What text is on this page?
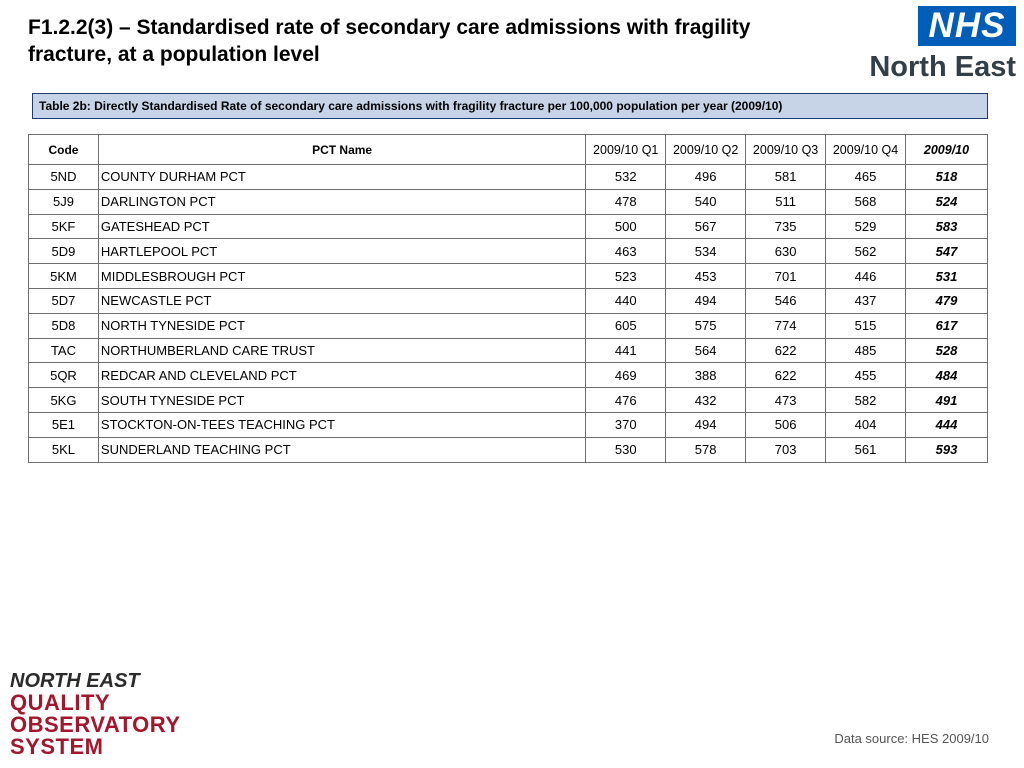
F1.2.2(3) – Standardised rate of secondary care admissions with fragility fracture, at a population level
NHS
North East
Table 2b: Directly Standardised Rate of secondary care admissions with fragility fracture per 100,000 population per year (2009/10)
Code	PCT Name	2009/10 Q1	2009/10 Q2	2009/10 Q3	2009/10 Q4	2009/10
5ND	COUNTY DURHAM PCT	532	496	581	465	518
5J9	DARLINGTON PCT	478	540	511	568	524
5KF	GATESHEAD PCT	500	567	735	529	583
5D9	HARTLEPOOL PCT	463	534	630	562	547
5KM	MIDDLESBROUGH PCT	523	453	701	446	531
5D7	NEWCASTLE PCT	440	494	546	437	479
5D8	NORTH TYNESIDE PCT	605	575	774	515	617
TAC	NORTHUMBERLAND CARE TRUST	441	564	622	485	528
5QR	REDCAR AND CLEVELAND PCT	469	388	622	455	484
5KG	SOUTH TYNESIDE PCT	476	432	473	582	491
5E1	STOCKTON-ON-TEES TEACHING PCT	370	494	506	404	444
5KL	SUNDERLAND TEACHING PCT	530	578	703	561	593
NORTH EAST
QUALITY
OBSERVATORY
SYSTEM	Data source: HES 2009/10
